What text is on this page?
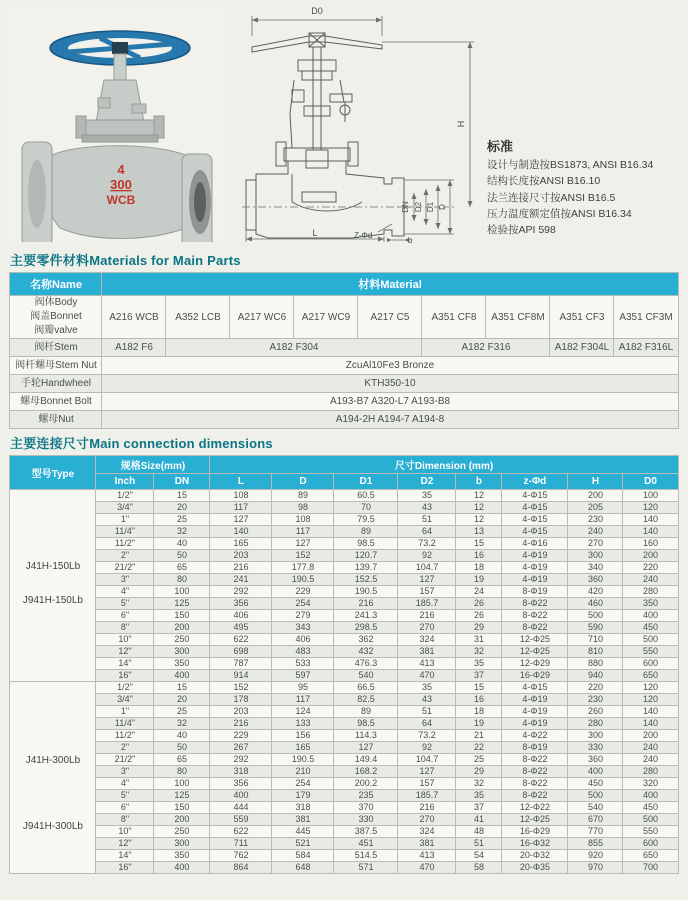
4
300
WCB
D0
DN D2 D1 D
H
Z-Φd
b
L
标准
设计与制造按BS1873, ANSI B16.34
结构长度按ANSI B16.10
法兰连接尺寸按ANSI B16.5
压力温度额定值按ANSI B16.34
检验按API 598
主要零件材料Materials for Main Parts
名称Name	材料Material								

阀体Body
阀盖Bonnet
阀瓣valve	A216 WCB	A352 LCB	A217 WC6	A217 WC9	A217 C5	A351 CF8	A351 CF8M	A351 CF3	A351 CF3M

阀杆Stem	A182 F6	A182 F304				A182 F316		A182 F304L	A182 F316L

阀杆螺母Stem Nut	ZcuAl10Fe3 Bronze								

手轮Handwheel	KTH350-10								

螺母Bonnet Bolt	A193-B7 A320-L7 A193-B8								

螺母Nut	A194-2H A194-7 A194-8								
主要连接尺寸Main connection dimensions
型号Type	规格Size(mm)		尺寸Dimension (mm)							
	Inch	DN	L	D	D1	D2	b	z-Φd	H	D0

J41H-150Lb
J941H-150Lb	1/2"	15	108	89	60.5	35	12	4-Φ15	200	100
	3/4"	20	117	98	70	43	12	4-Φ15	205	120
	1"	25	127	108	79.5	51	12	4-Φ15	230	140
	11/4"	32	140	117	89	64	13	4-Φ15	240	140
	11/2"	40	165	127	98.5	73.2	15	4-Φ16	270	160
	2"	50	203	152	120.7	92	16	4-Φ19	300	200
	21/2"	65	216	177.8	139.7	104.7	18	4-Φ19	340	220
	3"	80	241	190.5	152.5	127	19	4-Φ19	360	240
	4"	100	292	229	190.5	157	24	8-Φ19	420	280
	5"	125	356	254	216	185.7	26	8-Φ22	460	350
	6"	150	406	279	241.3	216	26	8-Φ22	500	400
	8"	200	495	343	298.5	270	29	8-Φ22	590	450
	10"	250	622	406	362	324	31	12-Φ25	710	500
	12"	300	698	483	432	381	32	12-Φ25	810	550
	14"	350	787	533	476.3	413	35	12-Φ29	880	600
	16"	400	914	597	540	470	37	16-Φ29	940	650

J41H-300Lb
J941H-300Lb	1/2"	15	152	95	66.5	35	15	4-Φ15	220	120
	3/4"	20	178	117	82.5	43	16	4-Φ19	230	120
	1"	25	203	124	89	51	18	4-Φ19	260	140
	11/4"	32	216	133	98.5	64	19	4-Φ19	280	140
	11/2"	40	229	156	114.3	73.2	21	4-Φ22	300	200
	2"	50	267	165	127	92	22	8-Φ19	330	240
	21/2"	65	292	190.5	149.4	104.7	25	8-Φ22	360	240
	3"	80	318	210	168.2	127	29	8-Φ22	400	280
	4"	100	356	254	200.2	157	32	8-Φ22	450	320
	5"	125	400	179	235	185.7	35	8-Φ22	500	400
	6"	150	444	318	370	216	37	12-Φ22	540	450
	8"	200	559	381	330	270	41	12-Φ25	670	500
	10"	250	622	445	387.5	324	48	16-Φ29	770	550
	12"	300	711	521	451	381	51	16-Φ32	855	600
	14"	350	762	584	514.5	413	54	20-Φ32	920	650
	16"	400	864	648	571	470	58	20-Φ35	970	700
